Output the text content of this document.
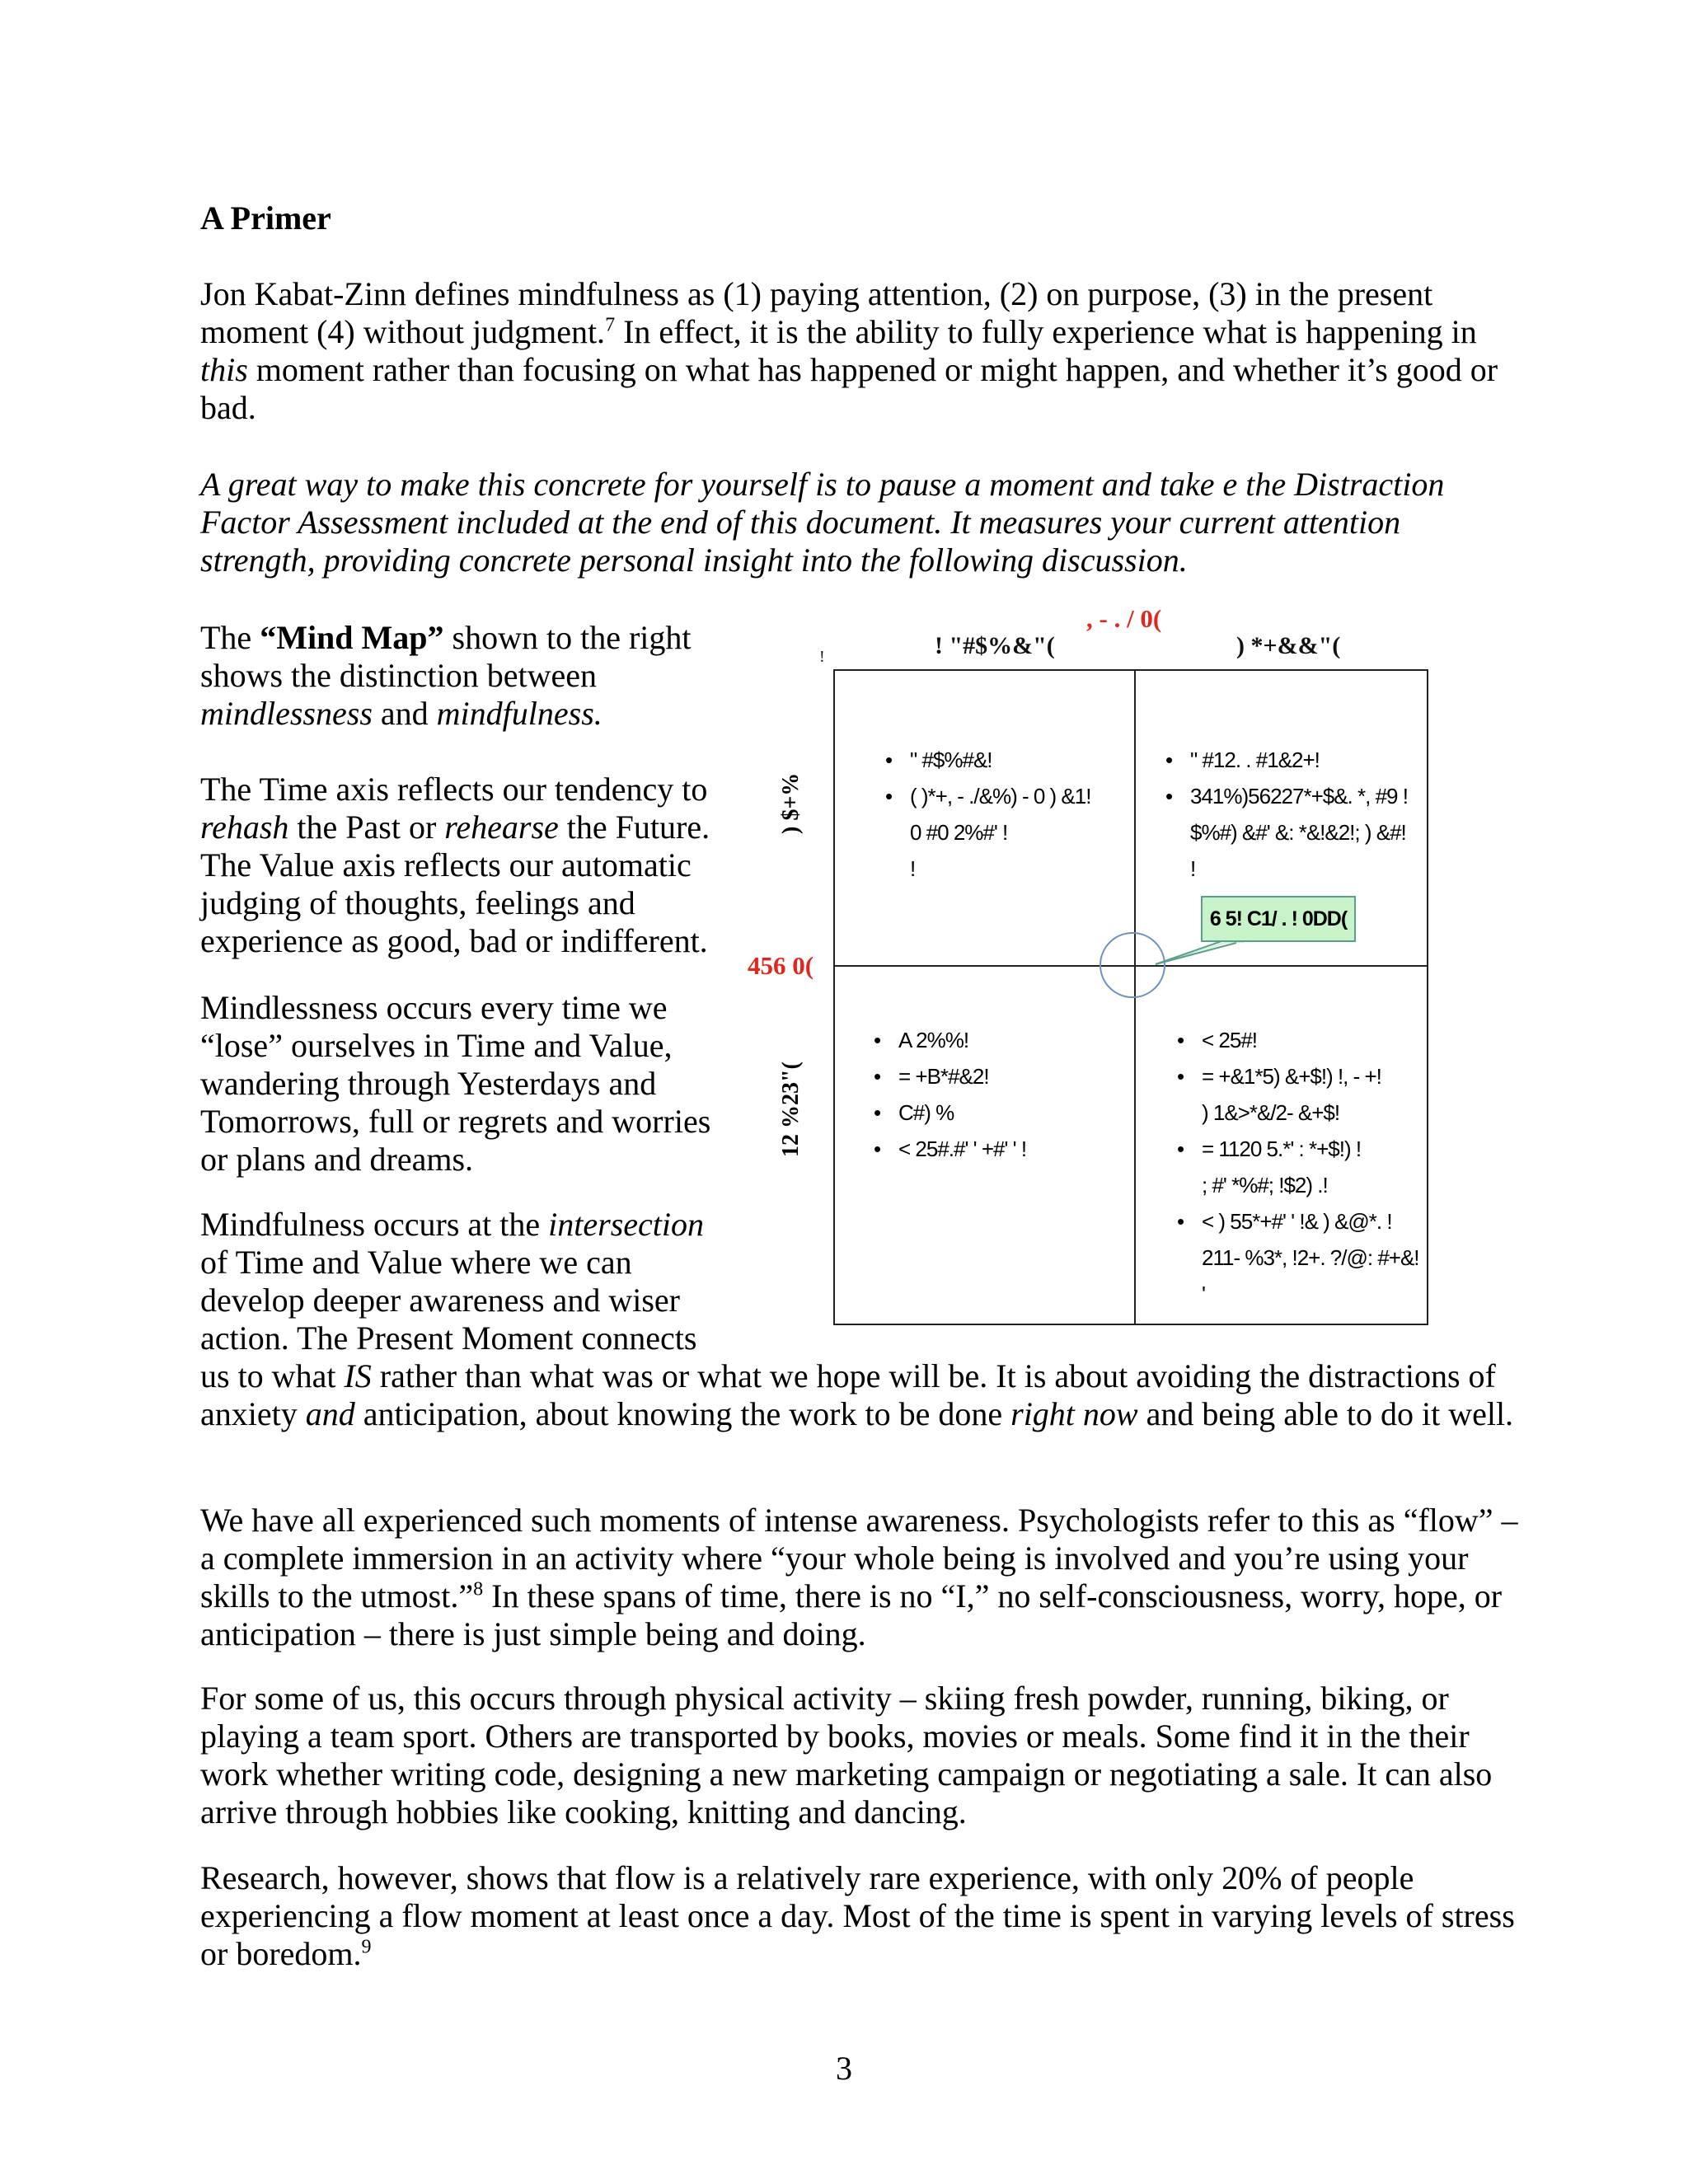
A Primer

Jon Kabat-Zinn defines mindfulness as (1) paying attention, (2) on purpose, (3) in the present moment (4) without judgment.$^7$ In effect, it is the ability to fully experience what is happening in this moment rather than focusing on what has happened or might happen, and whether it’s good or bad.

A great way to make this concrete for yourself is to pause a moment and take e the Distraction Factor Assessment included at the end of this document. It measures your current attention strength, providing concrete personal insight into the following discussion.

The “Mind Map” shown to the right shows the distinction between mindlessness and mindfulness.

The Time axis reflects our tendency to rehash the Past or rehearse the Future. The Value axis reflects our automatic judging of thoughts, feelings and experience as good, bad or indifferent.

Mindlessness occurs every time we “lose” ourselves in Time and Value, wandering through Yesterdays and Tomorrows, full or regrets and worries or plans and dreams.

Mindfulness occurs at the intersection of Time and Value where we can develop deeper awareness and wiser action. The Present Moment connects

us to what IS rather than what was or what we hope will be. It is about avoiding the distractions of anxiety and anticipation, about knowing the work to be done right now and being able to do it well.

We have all experienced such moments of intense awareness. Psychologists refer to this as “flow” – a complete immersion in an activity where “your whole being is involved and you’re using your skills to the utmost.”$^8$ In these spans of time, there is no “I,” no self-consciousness, worry, hope, or anticipation – there is just simple being and doing.

For some of us, this occurs through physical activity – skiing fresh powder, running, biking, or playing a team sport. Others are transported by books, movies or meals. Some find it in the their work whether writing code, designing a new marketing campaign or negotiating a sale. It can also arrive through hobbies like cooking, knitting and dancing.

Research, however, shows that flow is a relatively rare experience, with only 20% of people experiencing a flow moment at least once a day. Most of the time is spent in varying levels of stress or boredom.$^9$

, - . / 0(
!	! "#$%&"(	) *+&&"(
456 0(
) $+%
12 %23"(
• " #$%#&!
• ( )*+, - ./&%) - 0 ) &1!
0 #0 2%#' !
!
• " #12. . #1&2+!
• 341%)56227*+$&. *, #9 !
$%#) &#' &: *&!&2!; ) &#!
!
• A 2%%!
• = +B*#&2!
• C#) %
• < 25#.#' ' +#' ' !
• < 25#!
• = +&1*5) &+$!) !, - +!
) 1&>*&/2- &+$!
• = 1120 5.*' : *+$!) !
; #' *%#; !$2) .!
• < ) 55*+#' ' !& ) &@*. !
211- %3*, !2+. ?/@: #+&!
'
6 5! C1/ . ! 0DD(
3
